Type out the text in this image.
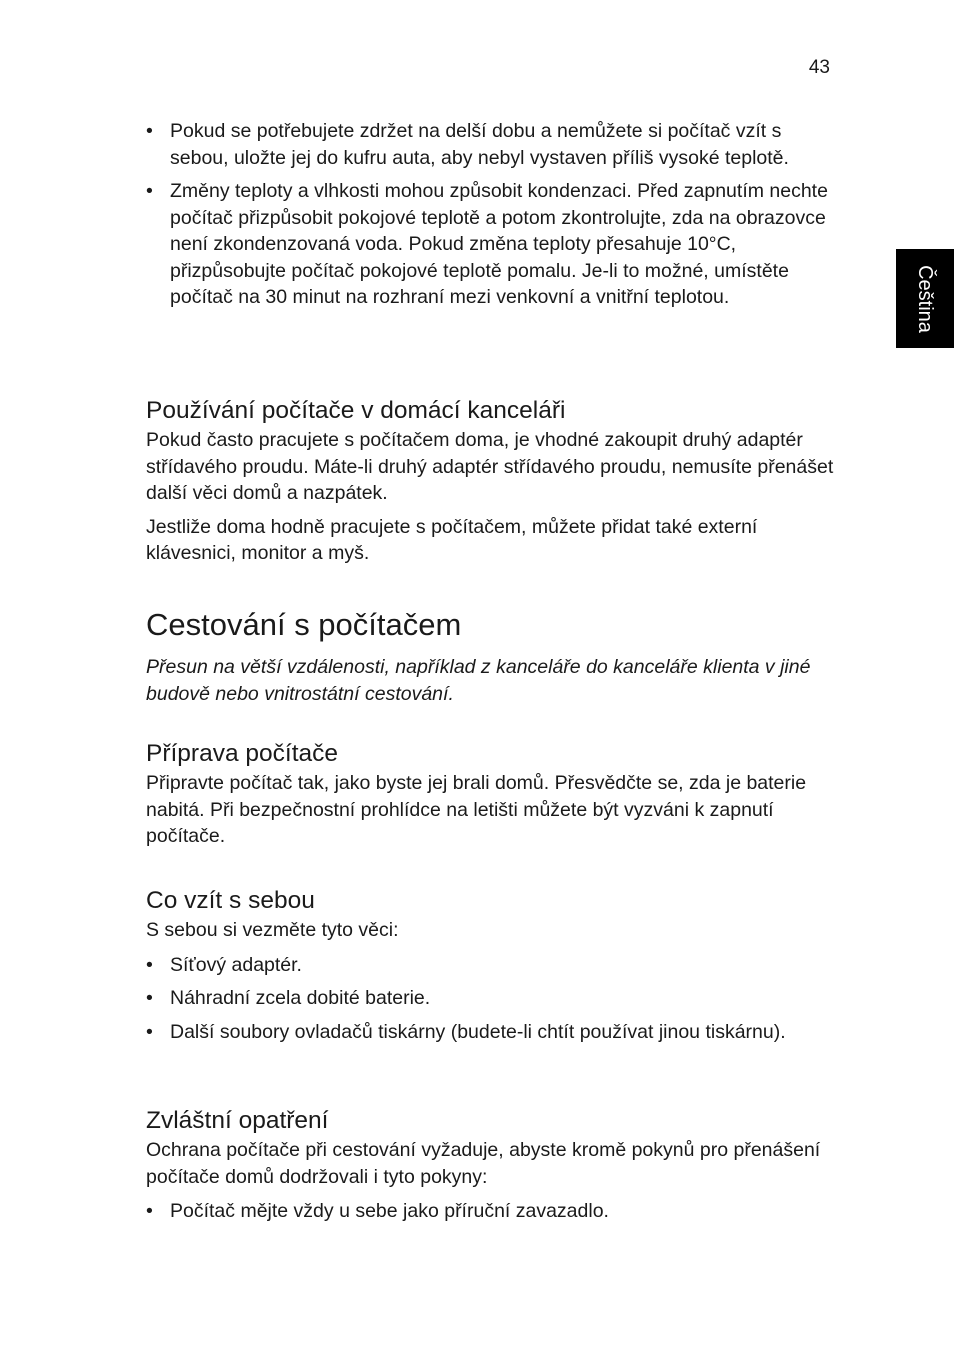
43
Čeština
• Pokud se potřebujete zdržet na delší dobu a nemůžete si počítač vzít s sebou, uložte jej do kufru auta, aby nebyl vystaven příliš vysoké teplotě.
• Změny teploty a vlhkosti mohou způsobit kondenzaci. Před zapnutím nechte počítač přizpůsobit pokojové teplotě a potom zkontrolujte, zda na obrazovce není zkondenzovaná voda. Pokud změna teploty přesahuje 10°C, přizpůsobujte počítač pokojové teplotě pomalu. Je-li to možné, umístěte počítač na 30 minut na rozhraní mezi venkovní a vnitřní teplotou.
Používání počítače v domácí kanceláři

Pokud často pracujete s počítačem doma, je vhodné zakoupit druhý adaptér střídavého proudu. Máte-li druhý adaptér střídavého proudu, nemusíte přenášet další věci domů a nazpátek.

Jestliže doma hodně pracujete s počítačem, můžete přidat také externí klávesnici, monitor a myš.

Cestování s počítačem

Přesun na větší vzdálenosti, například z kanceláře do kanceláře klienta v jiné budově nebo vnitrostátní cestování.

Příprava počítače

Připravte počítač tak, jako byste jej brali domů. Přesvědčte se, zda je baterie nabitá. Při bezpečnostní prohlídce na letišti můžete být vyzváni k zapnutí počítače.

Co vzít s sebou

S sebou si vezměte tyto věci:

• Síťový adaptér.
• Náhradní zcela dobité baterie.
• Další soubory ovladačů tiskárny (budete-li chtít používat jinou tiskárnu).
Zvláštní opatření

Ochrana počítače při cestování vyžaduje, abyste kromě pokynů pro přenášení počítače domů dodržovali i tyto pokyny:

• Počítač mějte vždy u sebe jako příruční zavazadlo.
